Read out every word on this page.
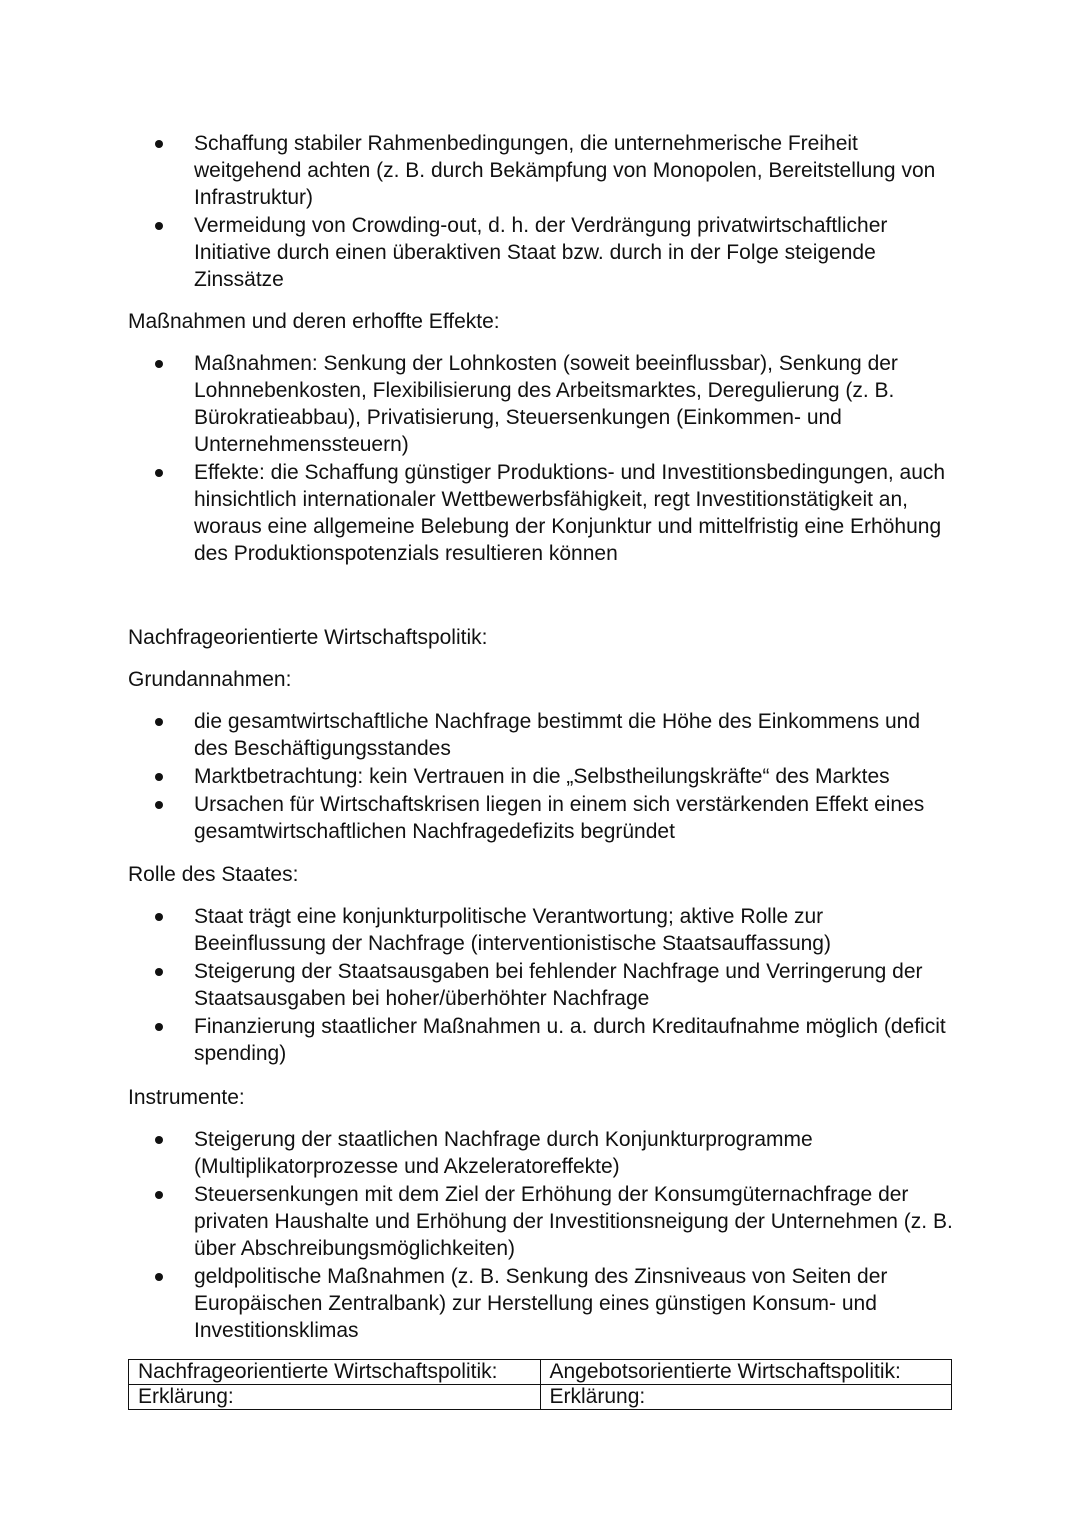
Schaffung stabiler Rahmenbedingungen, die unternehmerische Freiheit weitgehend achten (z. B. durch Bekämpfung von Monopolen, Bereitstellung von Infrastruktur)
Vermeidung von Crowding-out, d. h. der Verdrängung privatwirtschaftlicher Initiative durch einen überaktiven Staat bzw. durch in der Folge steigende Zinssätze

Maßnahmen und deren erhoffte Effekte:

Maßnahmen: Senkung der Lohnkosten (soweit beeinflussbar), Senkung der Lohnnebenkosten, Flexibilisierung des Arbeitsmarktes, Deregulierung (z. B. Bürokratieabbau), Privatisierung, Steuersenkungen (Einkommen- und Unternehmenssteuern)
Effekte: die Schaffung günstiger Produktions- und Investitionsbedingungen, auch hinsichtlich internationaler Wettbewerbsfähigkeit, regt Investitionstätigkeit an, woraus eine allgemeine Belebung der Konjunktur und mittelfristig eine Erhöhung des Produktionspotenzials resultieren können

Nachfrageorientierte Wirtschaftspolitik:

Grundannahmen:

die gesamtwirtschaftliche Nachfrage bestimmt die Höhe des Einkommens und des Beschäftigungsstandes
Marktbetrachtung: kein Vertrauen in die „Selbstheilungskräfte“ des Marktes
Ursachen für Wirtschaftskrisen liegen in einem sich verstärkenden Effekt eines gesamtwirtschaftlichen Nachfragedefizits begründet

Rolle des Staates:

Staat trägt eine konjunkturpolitische Verantwortung; aktive Rolle zur Beeinflussung der Nachfrage (interventionistische Staatsauffassung)
Steigerung der Staatsausgaben bei fehlender Nachfrage und Verringerung der Staatsausgaben bei hoher/überhöhter Nachfrage
Finanzierung staatlicher Maßnahmen u. a. durch Kreditaufnahme möglich (deficit spending)

Instrumente:

Steigerung der staatlichen Nachfrage durch Konjunkturprogramme (Multiplikatorprozesse und Akzeleratoreffekte)
Steuersenkungen mit dem Ziel der Erhöhung der Konsumgüternachfrage der privaten Haushalte und Erhöhung der Investitionsneigung der Unternehmen (z. B. über Abschreibungsmöglichkeiten)
geldpolitische Maßnahmen (z. B. Senkung des Zinsniveaus von Seiten der Europäischen Zentralbank) zur Herstellung eines günstigen Konsum- und Investitionsklimas
Nachfrageorientierte Wirtschaftspolitik:	Angebotsorientierte Wirtschaftspolitik:
Erklärung:	Erklärung:
